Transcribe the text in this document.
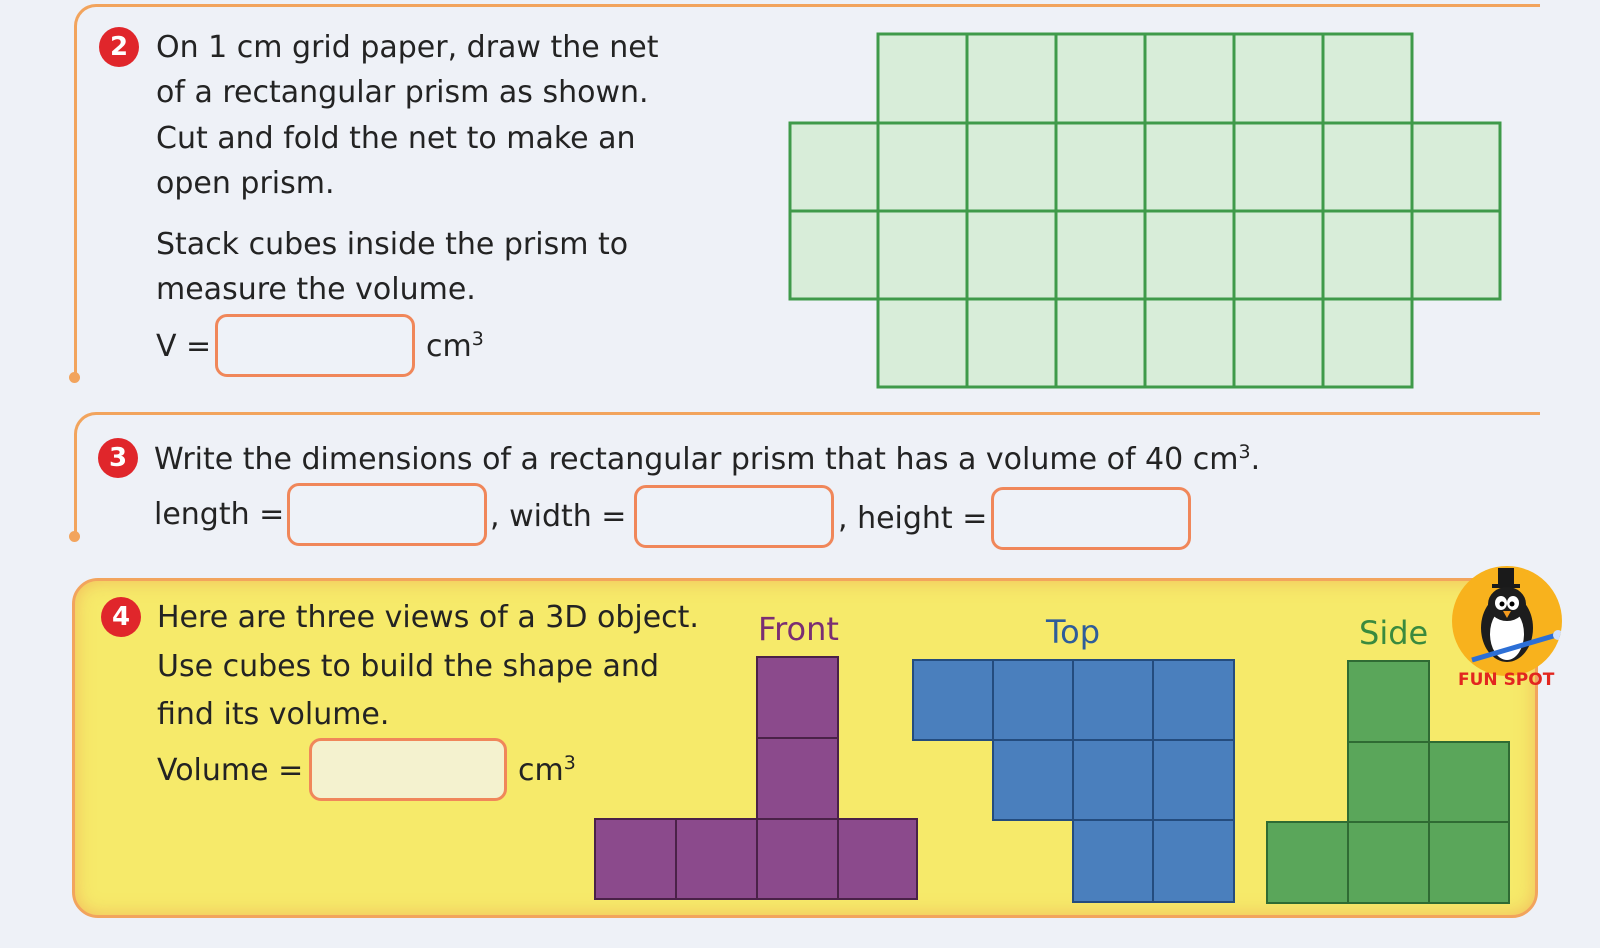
2 On 1 cm grid paper, draw the net
of a rectangular prism as shown.
Cut and fold the net to make an
open prism.
Stack cubes inside the prism to
measure the volume.
V =	$cm^3$
3 Write the dimensions of a rectangular prism that has a volume of 40 $cm^3$.
length =	, width =	, height =
4 Here are three views of a 3D object.
Use cubes to build the shape and
find its volume.
Volume =	$cm^3$
Front	Top	Side
FUN SPOT
